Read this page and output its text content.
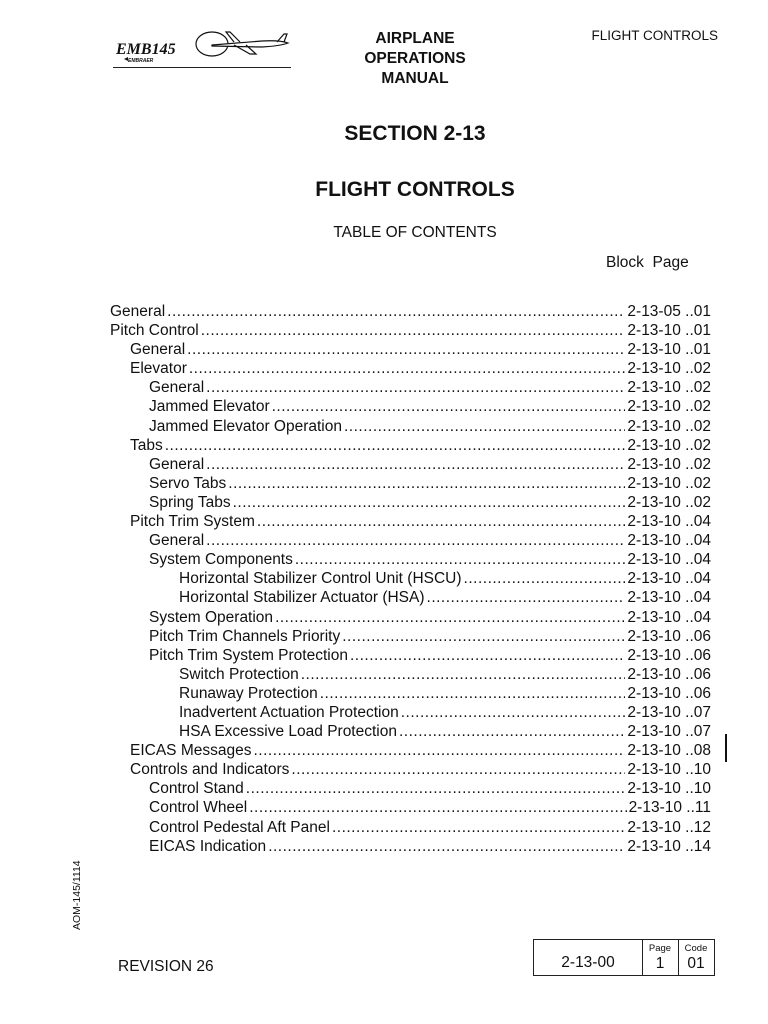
EMB145
EMBRAER
AIRPLANE
OPERATIONS
MANUAL
FLIGHT CONTROLS
SECTION 2-13
FLIGHT CONTROLS
TABLE OF CONTENTS
Block  Page
General .....	2-13-05 ..01
Pitch Control .....	2-13-10 ..01
General .....	2-13-10 ..01
Elevator .....	2-13-10 ..02
General .....	2-13-10 ..02
Jammed Elevator .....	2-13-10 ..02
Jammed Elevator Operation .....	2-13-10 ..02
Tabs .....	2-13-10 ..02
General .....	2-13-10 ..02
Servo Tabs .....	2-13-10 ..02
Spring Tabs .....	2-13-10 ..02
Pitch Trim System .....	2-13-10 ..04
General .....	2-13-10 ..04
System Components .....	2-13-10 ..04
Horizontal Stabilizer Control Unit (HSCU) .....	2-13-10 ..04
Horizontal Stabilizer Actuator (HSA) .....	2-13-10 ..04
System Operation .....	2-13-10 ..04
Pitch Trim Channels Priority .....	2-13-10 ..06
Pitch Trim System Protection .....	2-13-10 ..06
Switch Protection .....	2-13-10 ..06
Runaway Protection .....	2-13-10 ..06
Inadvertent Actuation Protection .....	2-13-10 ..07
HSA Excessive Load Protection .....	2-13-10 ..07
EICAS Messages .....	2-13-10 ..08
Controls and Indicators .....	2-13-10 ..10
Control Stand .....	2-13-10 ..10
Control Wheel .....	2-13-10 ..11
Control Pedestal Aft Panel .....	2-13-10 ..12
EICAS Indication .....	2-13-10 ..14
AOM-145/1114
REVISION 26	2-13-00
Page
1
Code
01
